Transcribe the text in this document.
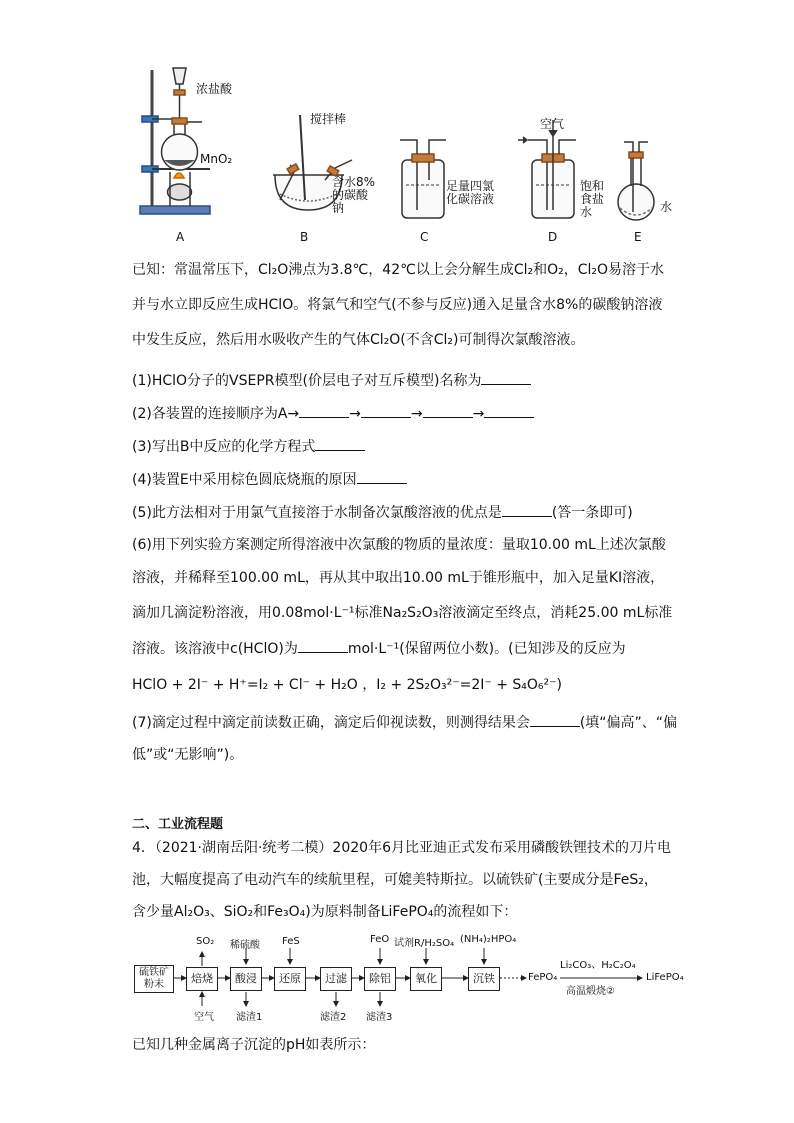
浓盐酸
MnO₂
搅拌棒
含水8%的碳酸钠
足量四氯化碳溶液
空气
饱和食盐水	水
A	B	C	D	E
已知：常温常压下，Cl₂O沸点为3.8℃，42℃以上会分解生成Cl₂和O₂，Cl₂O易溶于水
并与水立即反应生成HClO。将氯气和空气(不参与反应)通入足量含水8%的碳酸钠溶液
中发生反应，然后用水吸收产生的气体Cl₂O(不含Cl₂)可制得次氯酸溶液。
(1)HClO分子的VSEPR模型(价层电子对互斥模型)名称为
(2)各装置的连接顺序为A→	→	→	→
(3)写出B中反应的化学方程式
(4)装置E中采用棕色圆底烧瓶的原因
(5)此方法相对于用氯气直接溶于水制备次氯酸溶液的优点是	(答一条即可)
(6)用下列实验方案测定所得溶液中次氯酸的物质的量浓度：量取10.00 mL上述次氯酸
溶液，并稀释至100.00 mL，再从其中取出10.00 mL于锥形瓶中，加入足量KI溶液，
滴加几滴淀粉溶液，用0.08mol·L⁻¹标准Na₂S₂O₃溶液滴定至终点，消耗25.00 mL标准
溶液。该溶液中c(HClO)为	mol·L⁻¹(保留两位小数)。(已知涉及的反应为
HClO + 2I⁻ + H⁺=I₂ + Cl⁻ + H₂O ，I₂ + 2S₂O₃²⁻=2I⁻ + S₄O₆²⁻)
(7)滴定过程中滴定前读数正确，滴定后仰视读数，则测得结果会	(填“偏高”、“偏
低”或“无影响”)。
二、工业流程题
4．（2021·湖南岳阳·统考二模）2020年6月比亚迪正式发布采用磷酸铁锂技术的刀片电
池，大幅度提高了电动汽车的续航里程，可媲美特斯拉。以硫铁矿(主要成分是FeS₂，
含少量Al₂O₃、SiO₂和Fe₃O₄)为原料制备LiFePO₄的流程如下：
硫铁矿粉末	焙烧	酸浸	还原	过滤	除铝	氧化	沉铁
SO₂ 稀硫酸 FeS	FeO 试剂R/H₂SO₄ (NH₄)₂HPO₄
空气 滤渣1	滤渣2 滤渣3
FePO₄
Li₂CO₃、H₂C₂O₄
高温煅烧②
LiFePO₄
已知几种金属离子沉淀的pH如表所示：
